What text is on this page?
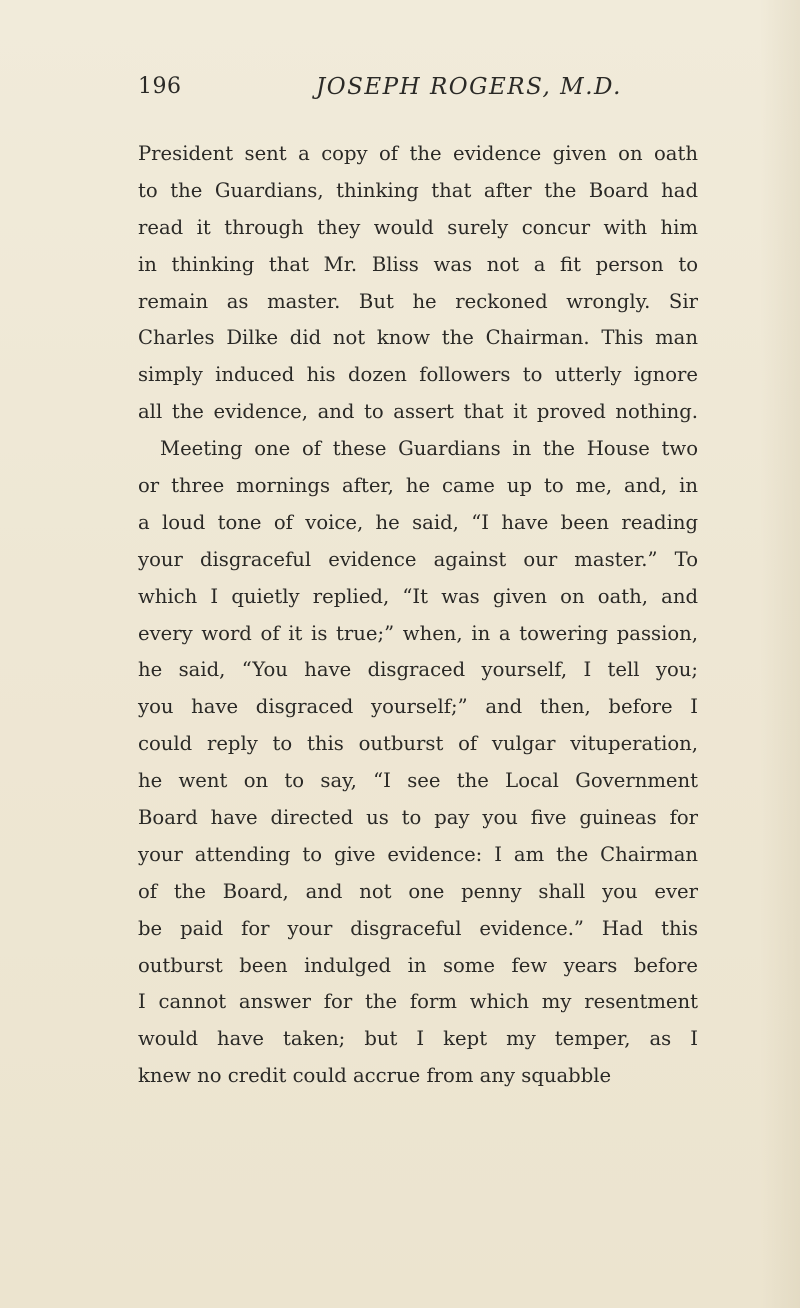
196	JOSEPH ROGERS, M.D.
President sent a copy of the evidence given on oath
to the Guardians, thinking that after the Board had
read it through they would surely concur with him
in thinking that Mr. Bliss was not a fit person to
remain as master. But he reckoned wrongly. Sir
Charles Dilke did not know the Chairman. This man
simply induced his dozen followers to utterly ignore
all the evidence, and to assert that it proved nothing.
Meeting one of these Guardians in the House two
or three mornings after, he came up to me, and, in
a loud tone of voice, he said, “I have been reading
your disgraceful evidence against our master.” To
which I quietly replied, “It was given on oath, and
every word of it is true;” when, in a towering passion,
he said, “You have disgraced yourself, I tell you;
you have disgraced yourself;” and then, before I
could reply to this outburst of vulgar vituperation,
he went on to say, “I see the Local Government
Board have directed us to pay you five guineas for
your attending to give evidence: I am the Chairman
of the Board, and not one penny shall you ever
be paid for your disgraceful evidence.” Had this
outburst been indulged in some few years before
I cannot answer for the form which my resentment
would have taken; but I kept my temper, as I
knew no credit could accrue from any squabble
